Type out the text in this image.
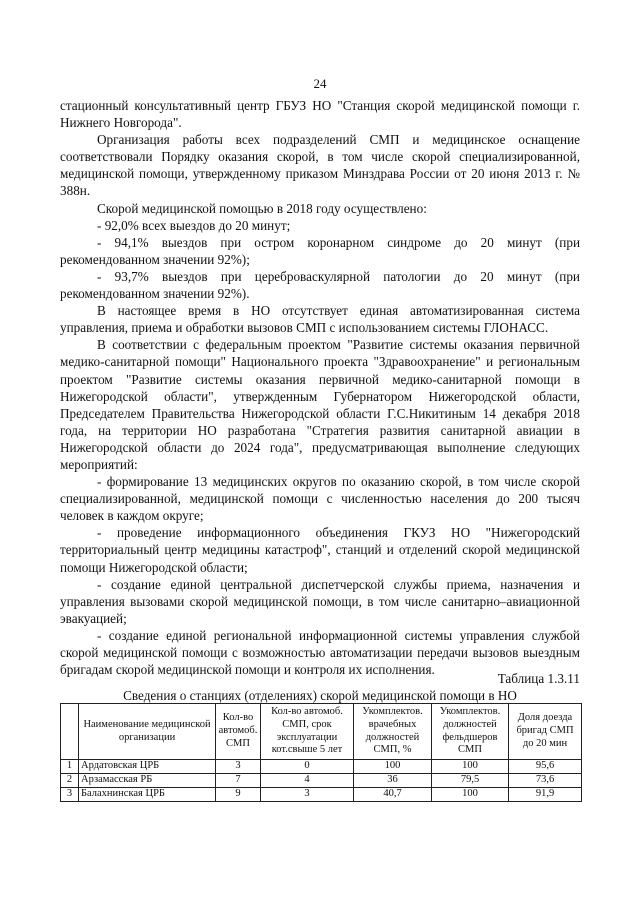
24

стационный консультативный центр ГБУЗ НО "Станция скорой медицинской помощи г. Нижнего Новгорода".

Организация работы всех подразделений СМП и медицинское оснащение соответствовали Порядку оказания скорой, в том числе скорой специализированной, медицинской помощи, утвержденному приказом Минздрава России от 20 июня 2013 г. № 388н.

Скорой медицинской помощью в 2018 году осуществлено:

- 92,0% всех выездов до 20 минут;

- 94,1% выездов при остром коронарном синдроме до 20 минут (при рекомендованном значении 92%);

- 93,7% выездов при цереброваскулярной патологии до 20 минут (при рекомендованном значении 92%).

В настоящее время в НО отсутствует единая автоматизированная система управления, приема и обработки вызовов СМП с использованием системы ГЛОНАСС.

В соответствии с федеральным проектом "Развитие системы оказания первичной медико-санитарной помощи" Национального проекта "Здравоохранение" и региональным проектом "Развитие системы оказания первичной медико-санитарной помощи в Нижегородской области", утвержденным Губернатором Нижегородской области, Председателем Правительства Нижегородской области Г.С.Никитиным 14 декабря 2018 года, на территории НО разработана "Стратегия развития санитарной авиации в Нижегородской области до 2024 года", предусматривающая выполнение следующих мероприятий:

- формирование 13 медицинских округов по оказанию скорой, в том числе скорой специализированной, медицинской помощи с численностью населения до 200 тысяч человек в каждом округе;

- проведение информационного объединения ГКУЗ НО "Нижегородский территориальный центр медицины катастроф", станций и отделений скорой медицинской помощи Нижегородской области;

- создание единой центральной диспетчерской службы приема, назначения и управления вызовами скорой медицинской помощи, в том числе санитарно–авиационной эвакуацией;

- создание единой региональной информационной системы управления службой скорой медицинской помощи с возможностью автоматизации передачи вызовов выездным бригадам скорой медицинской помощи и контроля их исполнения.

Таблица 1.3.11
Сведения о станциях (отделениях) скорой медицинской помощи в НО
	Наименование медицинской организации	Кол-во автомоб. СМП	Кол-во автомоб. СМП, срок эксплуатации кот.свыше 5 лет	Укомплектов. врачебных должностей СМП, %	Укомплектов. должностей фельдшеров СМП	Доля доезда бригад СМП до 20 мин
1	Ардатовская ЦРБ	3	0	100	100	95,6
2	Арзамасская РБ	7	4	36	79,5	73,6
3	Балахнинская ЦРБ	9	3	40,7	100	91,9
